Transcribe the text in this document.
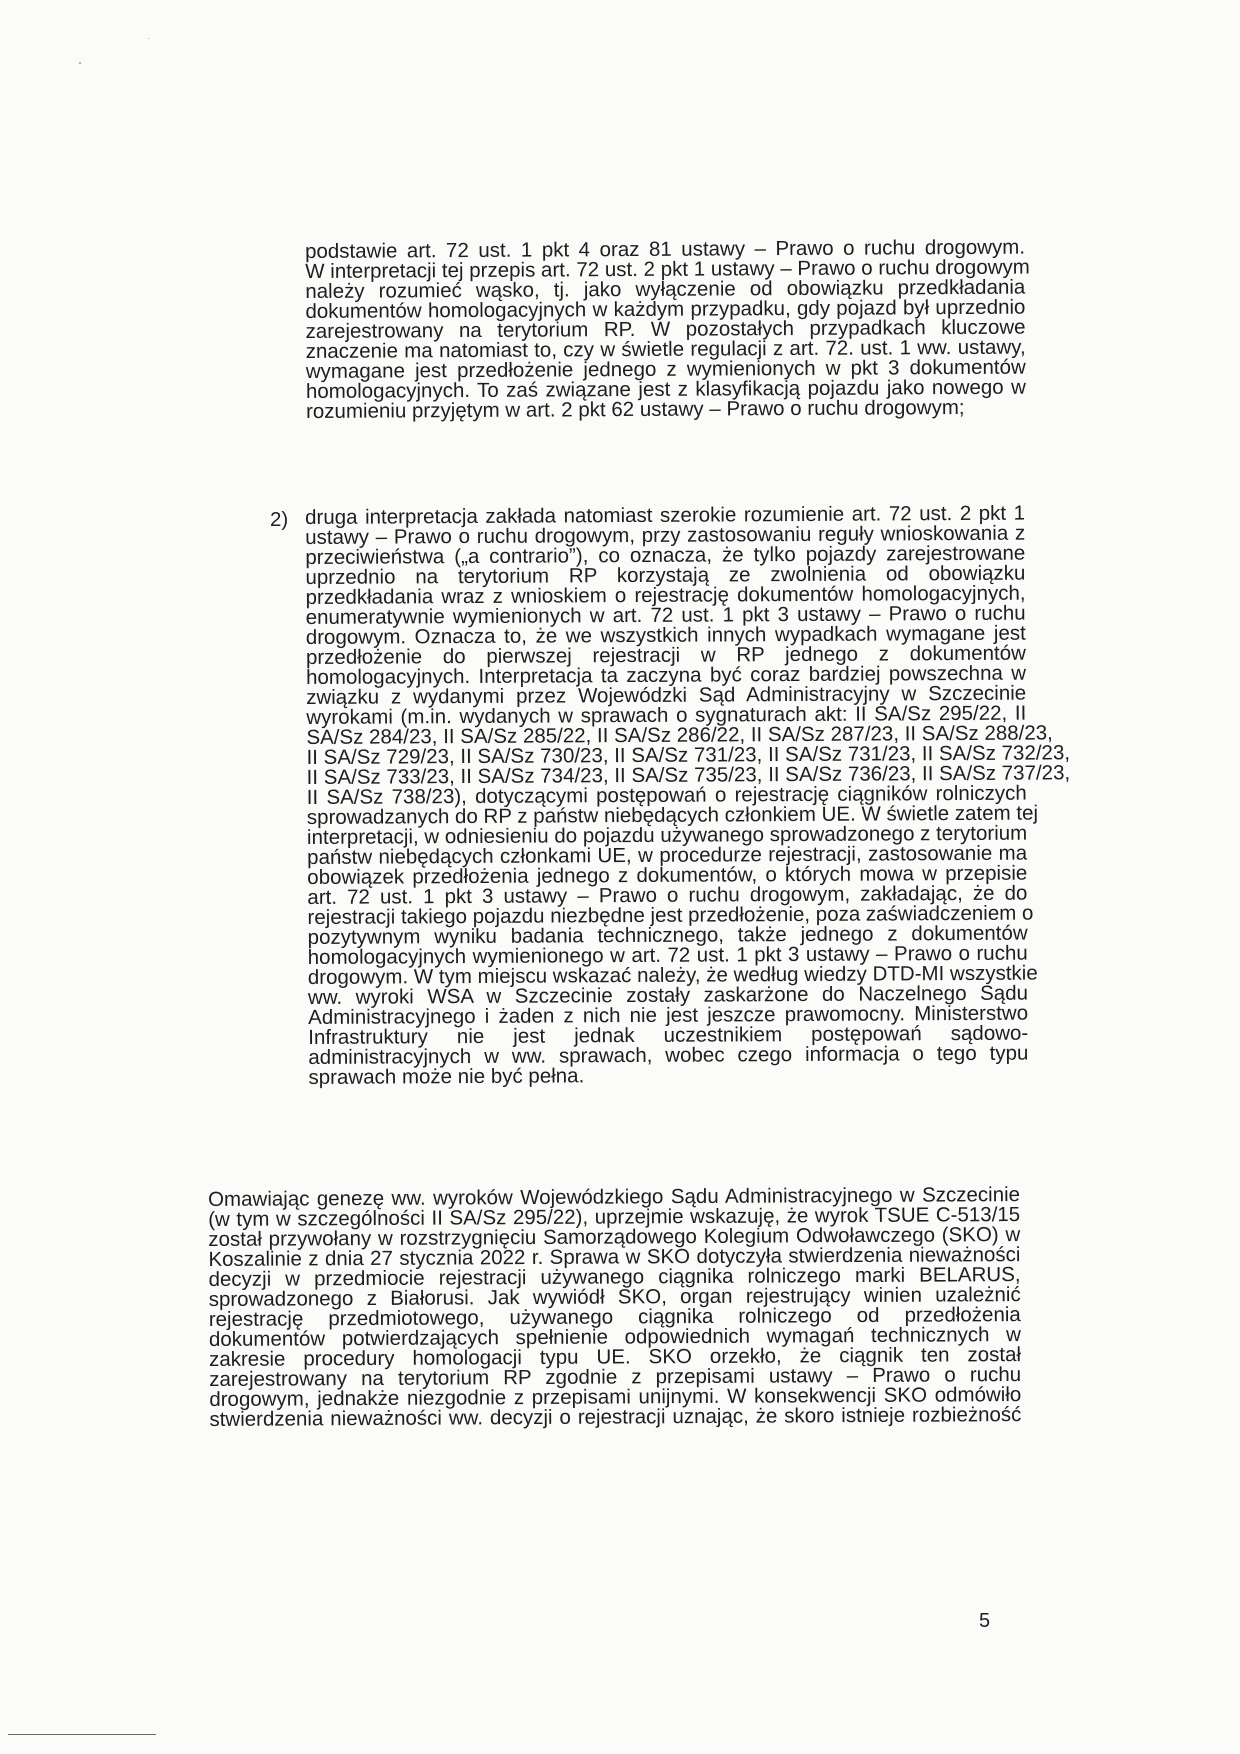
podstawie art. 72 ust. 1 pkt 4 oraz 81 ustawy – Prawo o ruchu drogowym.
W interpretacji tej przepis art. 72 ust. 2 pkt 1 ustawy – Prawo o ruchu drogowym
należy rozumieć wąsko, tj. jako wyłączenie od obowiązku przedkładania
dokumentów homologacyjnych w każdym przypadku, gdy pojazd był uprzednio
zarejestrowany na terytorium RP. W pozostałych przypadkach kluczowe
znaczenie ma natomiast to, czy w świetle regulacji z art. 72. ust. 1 ww. ustawy,
wymagane jest przedłożenie jednego z wymienionych w pkt 3 dokumentów
homologacyjnych. To zaś związane jest z klasyfikacją pojazdu jako nowego w
rozumieniu przyjętym w art. 2 pkt 62 ustawy – Prawo o ruchu drogowym;
2) druga interpretacja zakłada natomiast szerokie rozumienie art. 72 ust. 2 pkt 1
ustawy – Prawo o ruchu drogowym, przy zastosowaniu reguły wnioskowania z
przeciwieństwa („a contrario”), co oznacza, że tylko pojazdy zarejestrowane
uprzednio na terytorium RP korzystają ze zwolnienia od obowiązku
przedkładania wraz z wnioskiem o rejestrację dokumentów homologacyjnych,
enumeratywnie wymienionych w art. 72 ust. 1 pkt 3 ustawy – Prawo o ruchu
drogowym. Oznacza to, że we wszystkich innych wypadkach wymagane jest
przedłożenie do pierwszej rejestracji w RP jednego z dokumentów
homologacyjnych. Interpretacja ta zaczyna być coraz bardziej powszechna w
związku z wydanymi przez Wojewódzki Sąd Administracyjny w Szczecinie
wyrokami (m.in. wydanych w sprawach o sygnaturach akt: II SA/Sz 295/22, II
SA/Sz 284/23, II SA/Sz 285/22, II SA/Sz 286/22, II SA/Sz 287/23, II SA/Sz 288/23,
II SA/Sz 729/23, II SA/Sz 730/23, II SA/Sz 731/23, II SA/Sz 731/23, II SA/Sz 732/23,
II SA/Sz 733/23, II SA/Sz 734/23, II SA/Sz 735/23, II SA/Sz 736/23, II SA/Sz 737/23,
II SA/Sz 738/23), dotyczącymi postępowań o rejestrację ciągników rolniczych
sprowadzanych do RP z państw niebędących członkiem UE. W świetle zatem tej
interpretacji, w odniesieniu do pojazdu używanego sprowadzonego z terytorium
państw niebędących członkami UE, w procedurze rejestracji, zastosowanie ma
obowiązek przedłożenia jednego z dokumentów, o których mowa w przepisie
art. 72 ust. 1 pkt 3 ustawy – Prawo o ruchu drogowym, zakładając, że do
rejestracji takiego pojazdu niezbędne jest przedłożenie, poza zaświadczeniem o
pozytywnym wyniku badania technicznego, także jednego z dokumentów
homologacyjnych wymienionego w art. 72 ust. 1 pkt 3 ustawy – Prawo o ruchu
drogowym. W tym miejscu wskazać należy, że według wiedzy DTD-MI wszystkie
ww. wyroki WSA w Szczecinie zostały zaskarżone do Naczelnego Sądu
Administracyjnego i żaden z nich nie jest jeszcze prawomocny. Ministerstwo
Infrastruktury nie jest jednak uczestnikiem postępowań sądowo-
administracyjnych w ww. sprawach, wobec czego informacja o tego typu
sprawach może nie być pełna.
Omawiając genezę ww. wyroków Wojewódzkiego Sądu Administracyjnego w Szczecinie
(w tym w szczególności II SA/Sz 295/22), uprzejmie wskazuję, że wyrok TSUE C-513/15
został przywołany w rozstrzygnięciu Samorządowego Kolegium Odwoławczego (SKO) w
Koszalinie z dnia 27 stycznia 2022 r. Sprawa w SKO dotyczyła stwierdzenia nieważności
decyzji w przedmiocie rejestracji używanego ciągnika rolniczego marki BELARUS,
sprowadzonego z Białorusi. Jak wywiódł SKO, organ rejestrujący winien uzależnić
rejestrację przedmiotowego, używanego ciągnika rolniczego od przedłożenia
dokumentów potwierdzających spełnienie odpowiednich wymagań technicznych w
zakresie procedury homologacji typu UE. SKO orzekło, że ciągnik ten został
zarejestrowany na terytorium RP zgodnie z przepisami ustawy – Prawo o ruchu
drogowym, jednakże niezgodnie z przepisami unijnymi. W konsekwencji SKO odmówiło
stwierdzenia nieważności ww. decyzji o rejestracji uznając, że skoro istnieje rozbieżność
5
